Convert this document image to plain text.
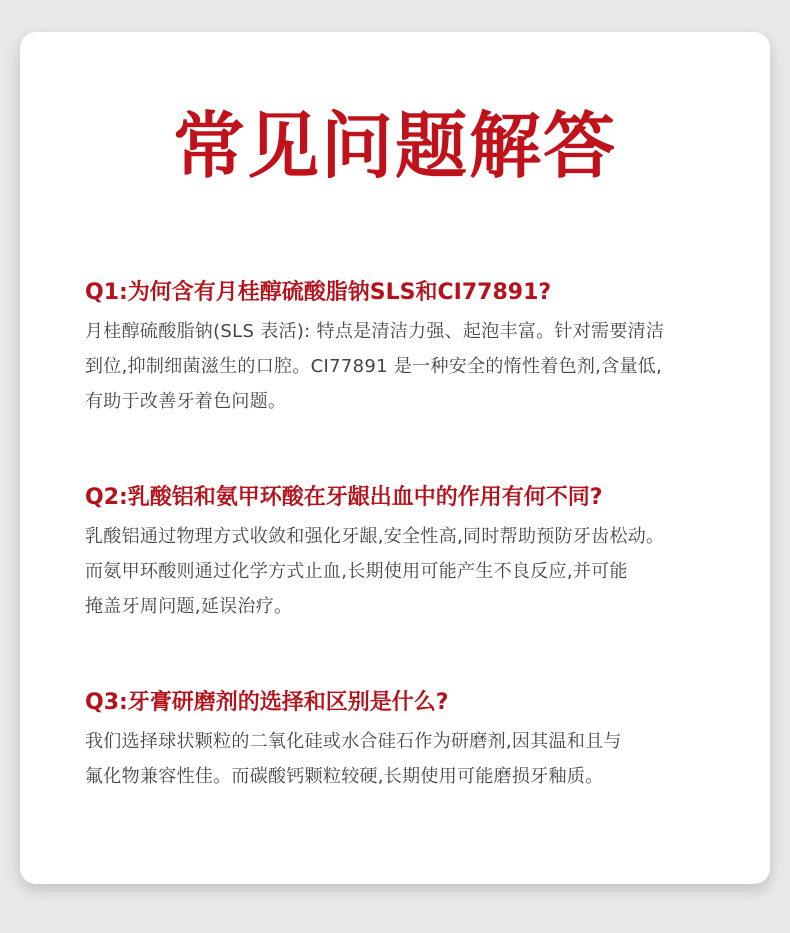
常见问题解答
Q1:为何含有月桂醇硫酸脂钠SLS和CI77891?
月桂醇硫酸脂钠(SLS 表活): 特点是清洁力强、起泡丰富。针对需要清洁
到位,抑制细菌滋生的口腔。CI77891 是一种安全的惰性着色剂,含量低,
有助于改善牙着色问题。
Q2:乳酸铝和氨甲环酸在牙龈出血中的作用有何不同?
乳酸铝通过物理方式收敛和强化牙龈,安全性高,同时帮助预防牙齿松动。
而氨甲环酸则通过化学方式止血,长期使用可能产生不良反应,并可能
掩盖牙周问题,延误治疗。
Q3:牙膏研磨剂的选择和区别是什么?
我们选择球状颗粒的二氧化硅或水合硅石作为研磨剂,因其温和且与
氟化物兼容性佳。而碳酸钙颗粒较硬,长期使用可能磨损牙釉质。
